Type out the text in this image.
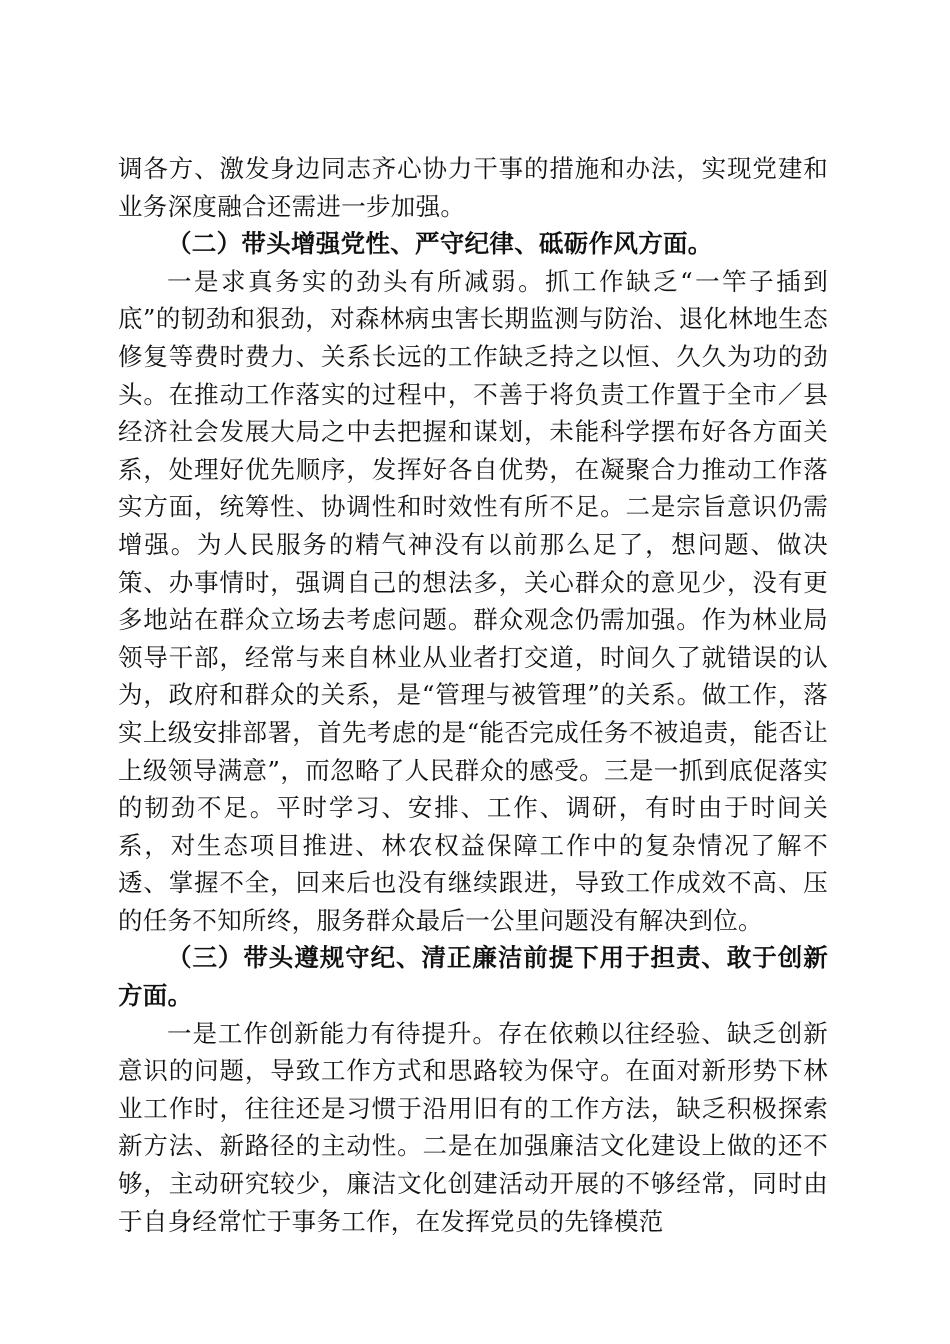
调各方、激发身边同志齐心协力干事的措施和办法，实现党建和业务深度融合还需进一步加强。

（二）带头增强党性、严守纪律、砥砺作风方面。

一是求真务实的劲头有所减弱。抓工作缺乏“一竿子插到底”的韧劲和狠劲，对森林病虫害长期监测与防治、退化林地生态修复等费时费力、关系长远的工作缺乏持之以恒、久久为功的劲头。在推动工作落实的过程中，不善于将负责工作置于全市／县经济社会发展大局之中去把握和谋划，未能科学摆布好各方面关系，处理好优先顺序，发挥好各自优势，在凝聚合力推动工作落实方面，统筹性、协调性和时效性有所不足。二是宗旨意识仍需增强。为人民服务的精气神没有以前那么足了，想问题、做决策、办事情时，强调自己的想法多，关心群众的意见少，没有更多地站在群众立场去考虑问题。群众观念仍需加强。作为林业局领导干部，经常与来自林业从业者打交道，时间久了就错误的认为，政府和群众的关系，是“管理与被管理”的关系。做工作，落实上级安排部署，首先考虑的是“能否完成任务不被追责，能否让上级领导满意”，而忽略了人民群众的感受。三是一抓到底促落实的韧劲不足。平时学习、安排、工作、调研，有时由于时间关系，对生态项目推进、林农权益保障工作中的复杂情况了解不透、掌握不全，回来后也没有继续跟进，导致工作成效不高、压的任务不知所终，服务群众最后一公里问题没有解决到位。

（三）带头遵规守纪、清正廉洁前提下用于担责、敢于创新方面。

一是工作创新能力有待提升。存在依赖以往经验、缺乏创新意识的问题，导致工作方式和思路较为保守。在面对新形势下林业工作时，往往还是习惯于沿用旧有的工作方法，缺乏积极探索新方法、新路径的主动性。二是在加强廉洁文化建设上做的还不够，主动研究较少，廉洁文化创建活动开展的不够经常，同时由于自身经常忙于事务工作，在发挥党员的先锋模范
